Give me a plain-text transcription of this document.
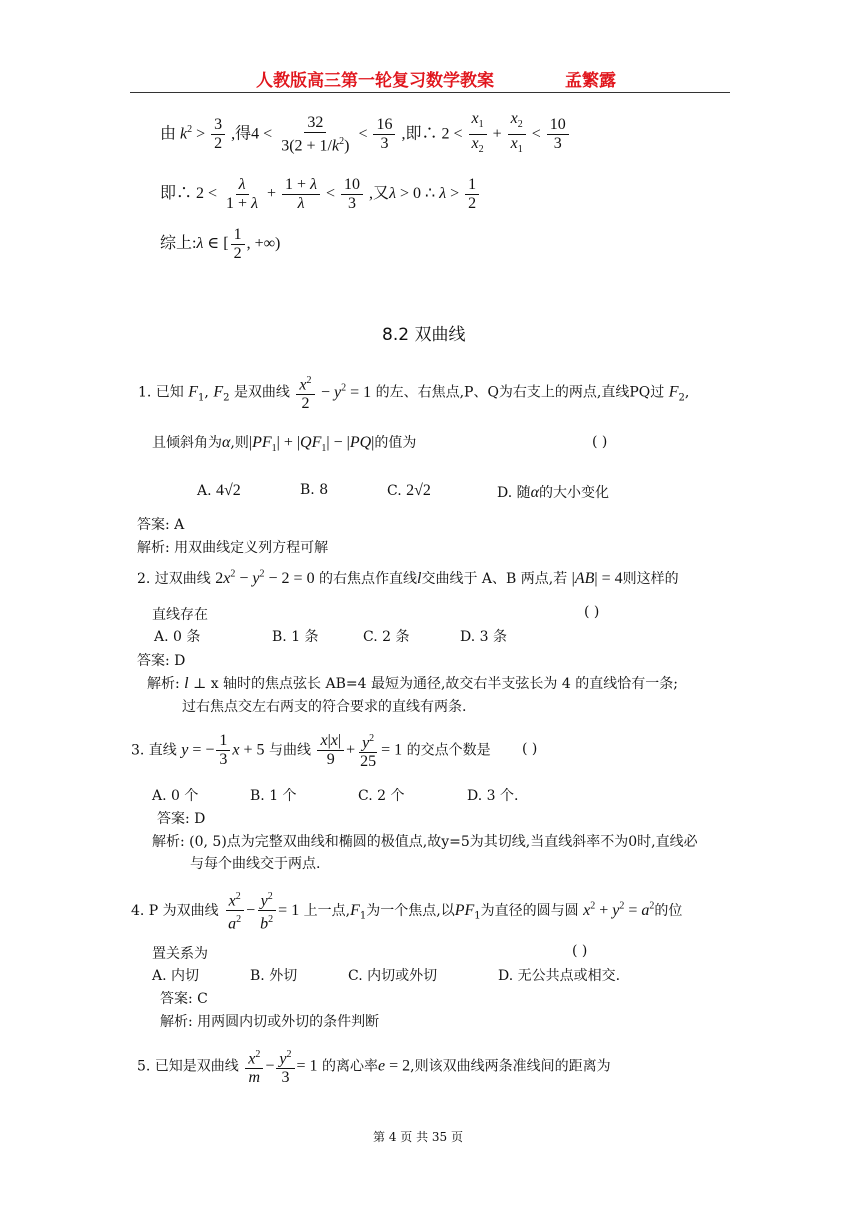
人教版高三第一轮复习数学教案	孟繁露
由 $k^2 > \frac{3}{2}$ ,得$4 < \frac{32}{3(2 + 1/k^2)} < \frac{16}{3}$ ,即∴ $2 < \frac{x_1}{x_2} + \frac{x_2}{x_1} < \frac{10}{3}$
即∴ $2 < \frac{\lambda}{1 + \lambda} + \frac{1 + \lambda}{\lambda} < \frac{10}{3}$ ,又λ > 0 ∴ $\lambda > \frac{1}{2}$
综上:λ ∈ [ $\frac{1}{2}$ , +∞)
8.2 双曲线
1. 已知 $F_1$, $F_2$ 是双曲线 $\frac{x^2}{2} - y^2 = 1$ 的左、右焦点,P、Q为右支上的两点,直线PQ过 $F_2$,
且倾斜角为α,则$|PF_1| + |QF_1| - |PQ|$的值为	( )
A. 4√2	B. 8	C. 2√2	D. 随α的大小变化
答案: A
解析: 用双曲线定义列方程可解
2. 过双曲线 $2x^2 - y^2 - 2 = 0$ 的右焦点作直线l交曲线于 A、B 两点,若 |AB| = 4则这样的
直线存在	( )
A. 0 条	B. 1 条	C. 2 条	D. 3 条
答案: D
解析: l ⊥ x 轴时的焦点弦长 AB=4 最短为通径,故交右半支弦长为 4 的直线恰有一条;
过右焦点交左右两支的符合要求的直线有两条.
3. 直线 y = − $\frac{1}{3}$ x + 5 与曲线 $\frac{x|x|}{9} + \frac{y^2}{25} = 1$ 的交点个数是 ( )
A. 0 个	B. 1 个	C. 2 个	D. 3 个.
答案: D
解析: (0, 5)点为完整双曲线和椭圆的极值点,故y=5为其切线,当直线斜率不为0时,直线必
与每个曲线交于两点.
4. P 为双曲线 $\frac{x^2}{a^2} - \frac{y^2}{b^2} = 1$ 上一点$,F_1$为一个焦点,以$PF_1$为直径的圆与圆 $x^2 + y^2 = a^2$的位
置关系为	( )
A. 内切	B. 外切	C. 内切或外切	D. 无公共点或相交.
答案: C
解析: 用两圆内切或外切的条件判断
5. 已知是双曲线 $\frac{x^2}{m} - \frac{y^2}{3} = 1$ 的离心率e = 2,则该双曲线两条准线间的距离为
第 4 页 共 35 页
